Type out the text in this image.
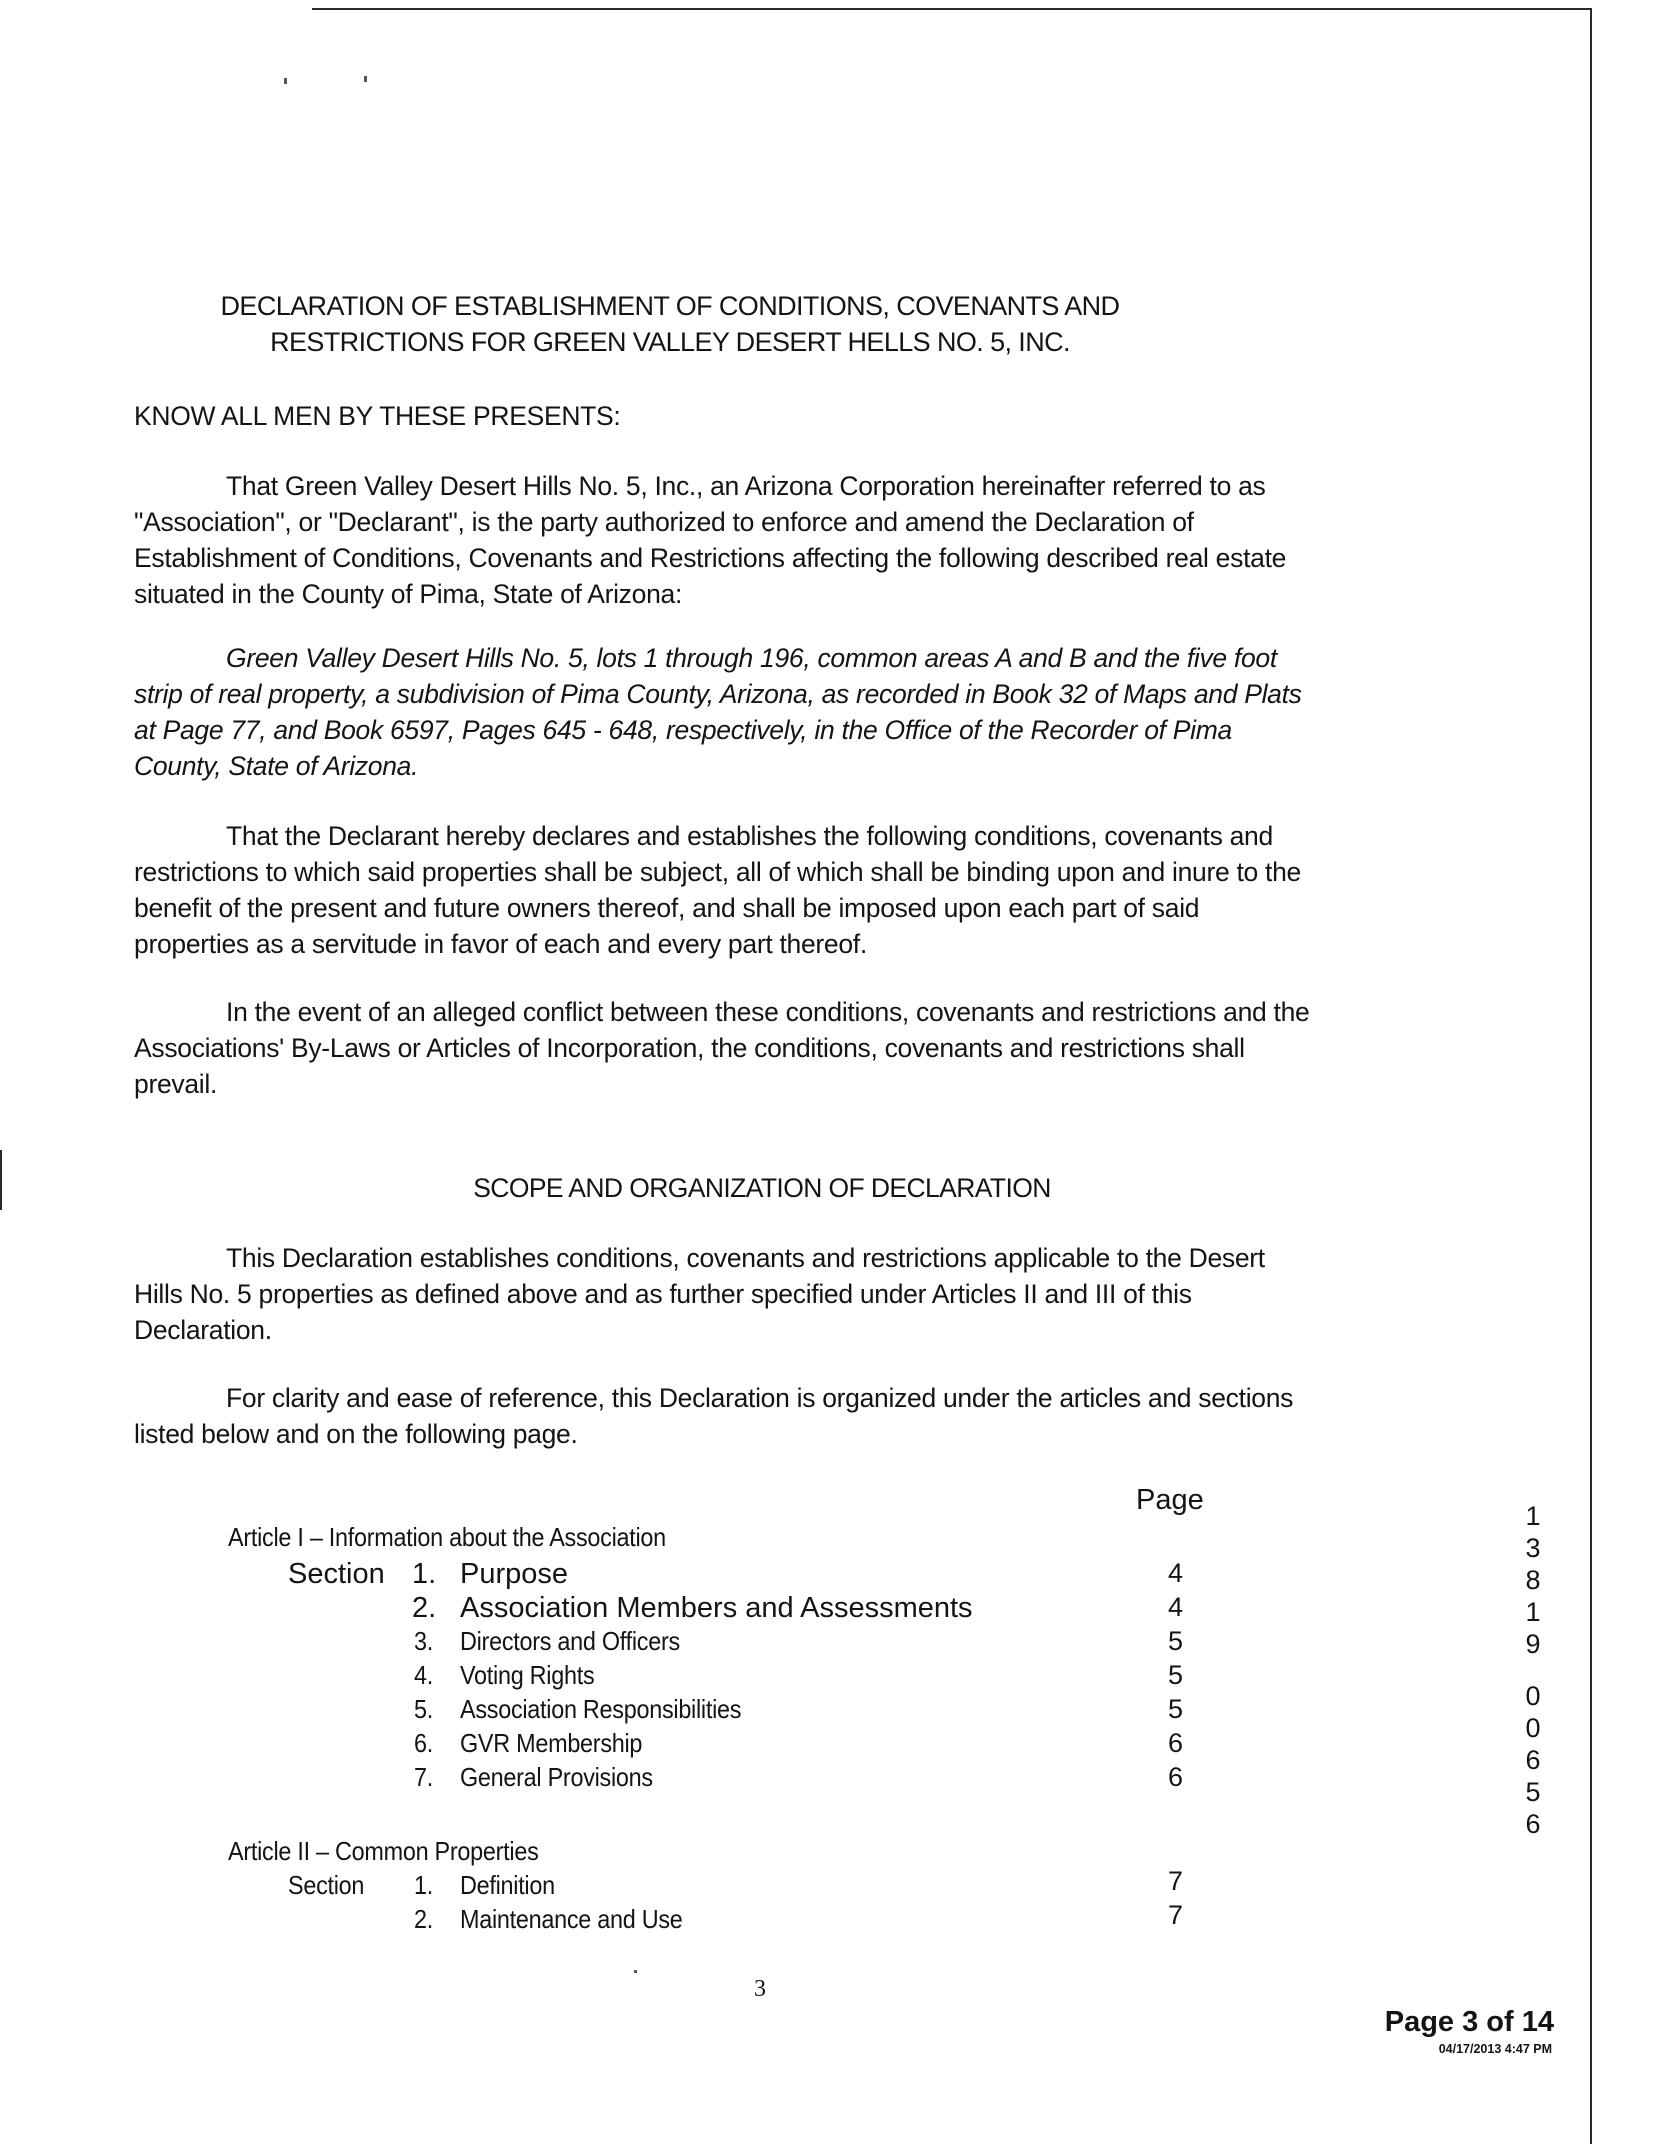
DECLARATION OF ESTABLISHMENT OF CONDITIONS, COVENANTS AND
RESTRICTIONS FOR GREEN VALLEY DESERT HELLS NO. 5, INC.
KNOW ALL MEN BY THESE PRESENTS:
That Green Valley Desert Hills No. 5, Inc., an Arizona Corporation hereinafter referred to as
"Association", or "Declarant", is the party authorized to enforce and amend the Declaration of
Establishment of Conditions, Covenants and Restrictions affecting the following described real estate
situated in the County of Pima, State of Arizona:
Green Valley Desert Hills No. 5, lots 1 through 196, common areas A and B and the five foot
strip of real property, a subdivision of Pima County, Arizona, as recorded in Book 32 of Maps and Plats
at Page 77, and Book 6597, Pages 645 - 648, respectively, in the Office of the Recorder of Pima
County, State of Arizona.
That the Declarant hereby declares and establishes the following conditions, covenants and
restrictions to which said properties shall be subject, all of which shall be binding upon and inure to the
benefit of the present and future owners thereof, and shall be imposed upon each part of said
properties as a servitude in favor of each and every part thereof.
In the event of an alleged conflict between these conditions, covenants and restrictions and the
Associations' By-Laws or Articles of Incorporation, the conditions, covenants and restrictions shall
prevail.
SCOPE AND ORGANIZATION OF DECLARATION
This Declaration establishes conditions, covenants and restrictions applicable to the Desert
Hills No. 5 properties as defined above and as further specified under Articles II and III of this
Declaration.
For clarity and ease of reference, this Declaration is organized under the articles and sections
listed below and on the following page.
Page
Article I – Information about the Association
Section 1. Purpose	4
2. Association Members and Assessments	4
3. Directors and Officers	5
4. Voting Rights	5
5. Association Responsibilities	5
6. GVR Membership	6
7. General Provisions	6
Article II – Common Properties
Section 1. Definition	7
2. Maintenance and Use	7
1
3
8
1
9
0
0
6
5
6
3
Page 3 of 14
04/17/2013 4:47 PM
